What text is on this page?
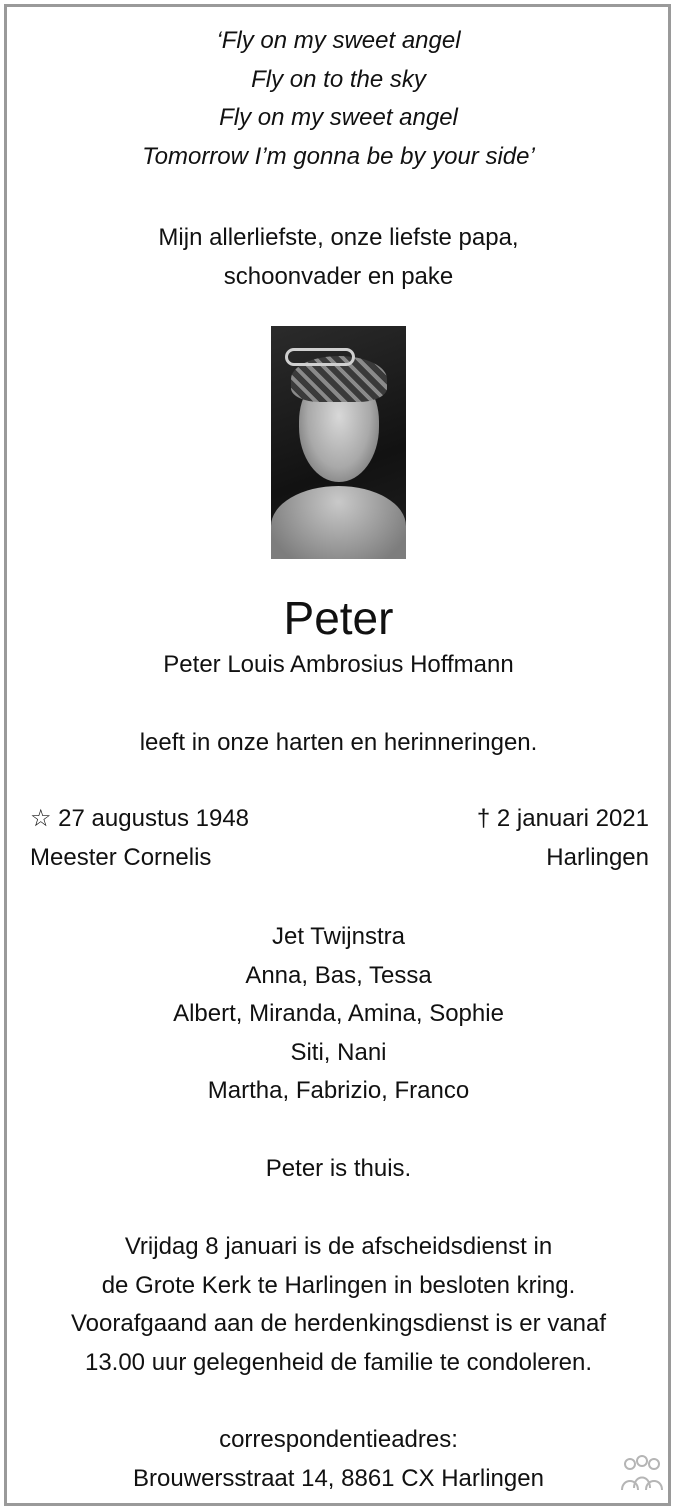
‘Fly on my sweet angel
Fly on to the sky
Fly on my sweet angel
Tomorrow I’m gonna be by your side’
Mijn allerliefste, onze liefste papa,
schoonvader en pake
Peter
Peter Louis Ambrosius Hoffmann
leeft in onze harten en herinneringen.
☆ 27 augustus 1948
Meester Cornelis
† 2 januari 2021
Harlingen
Jet Twijnstra
Anna, Bas, Tessa
Albert, Miranda, Amina, Sophie
Siti, Nani
Martha, Fabrizio, Franco
Peter is thuis.
Vrijdag 8 januari is de afscheidsdienst in
de Grote Kerk te Harlingen in besloten kring.
Voorafgaand aan de herdenkingsdienst is er vanaf
13.00 uur gelegenheid de familie te condoleren.
correspondentieadres:
Brouwersstraat 14, 8861 CX Harlingen
